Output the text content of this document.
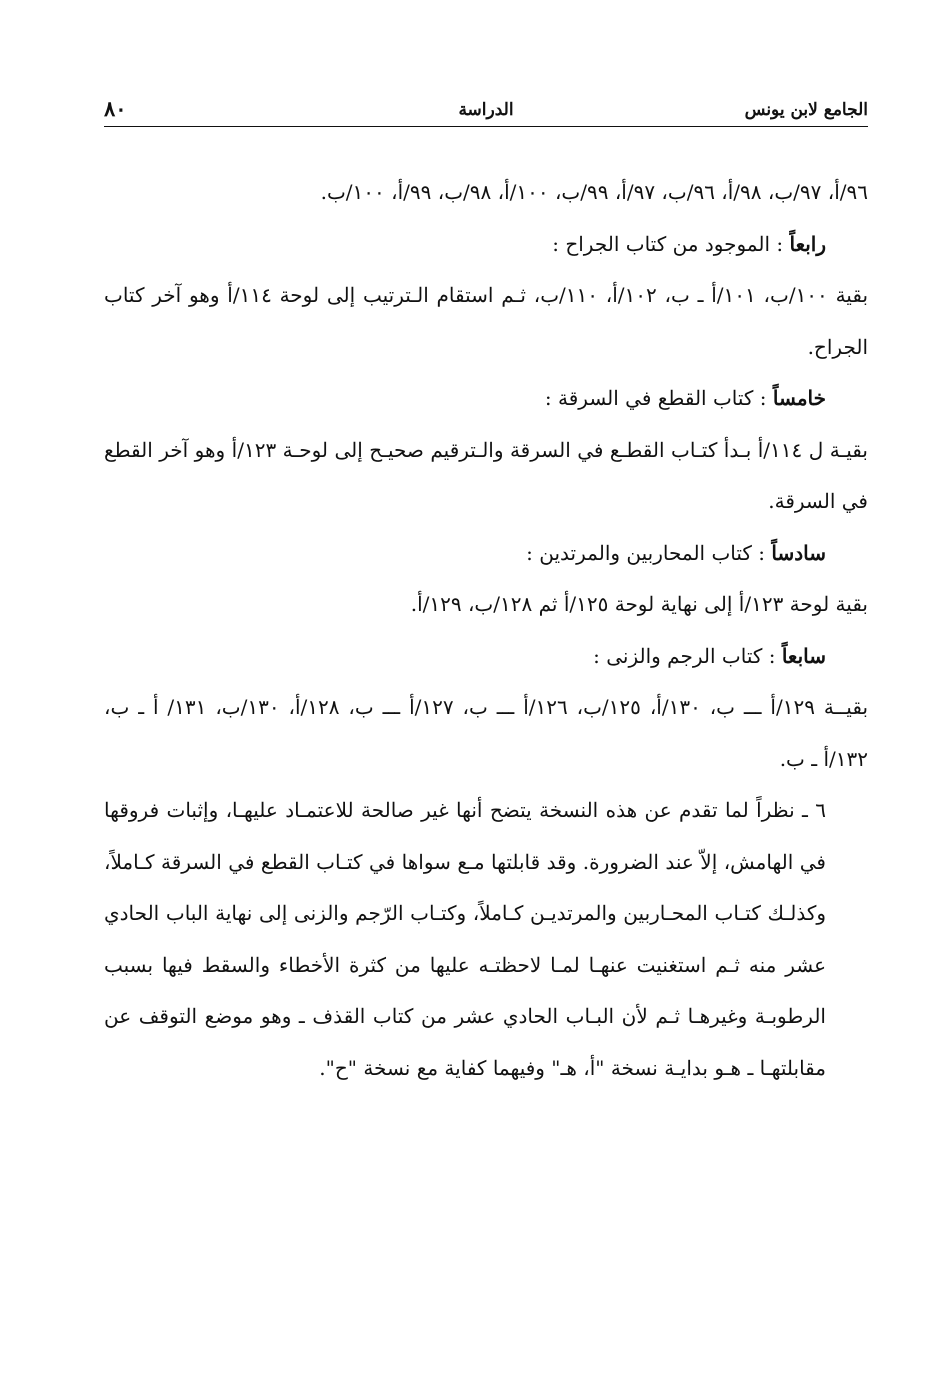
الجامع لابن يونس
الدراسة
٨٠

٩٦/أ، ٩٧/ب، ٩٨/أ، ٩٦/ب، ٩٧/أ، ٩٩/ب، ١٠٠/أ، ٩٨/ب، ٩٩/أ، ١٠٠/ب.

رابعاً : الموجود من كتاب الجراح :

بقية ١٠٠/ب، ١٠١/أ ـ ب، ١٠٢/أ، ١١٠/ب، ثـم استقام الـترتيب إلى لوحة ١١٤/أ وهو آخر كتاب الجراح.

خامساً : كتاب القطع في السرقة :

بقيـة ل ١١٤/أ بـدأ كتـاب القطـع في السرقة والـترقيم صحيـح إلى لوحـة ١٢٣/أ وهو آخر القطع في السرقة.

سادساً : كتاب المحاربين والمرتدين :

بقية لوحة ١٢٣/أ إلى نهاية لوحة ١٢٥/أ ثم ١٢٨/ب، ١٢٩/أ.

سابعاً : كتاب الرجم والزنى :

بقيــة ١٢٩/أ ـــ ب، ١٣٠/أ، ١٢٥/ب، ١٢٦/أ ـــ ب، ١٢٧/أ ـــ ب، ١٢٨/أ، ١٣٠/ب، ١٣١/ أ ـ ب، ١٣٢/أ ـ ب.

٦ ـ نظراً لما تقدم عن هذه النسخة يتضح أنها غير صالحة للاعتمـاد عليهـا، وإثبات فروقها في الهامش، إلاّ عند الضرورة. وقد قابلتها مـع سواها في كتـاب القطع في السرقة كـاملاً، وكذلـك كتـاب المحـاربين والمرتديـن كـاملاً، وكتـاب الرّجم والزنى إلى نهاية الباب الحادي عشر منه ثـم استغنيت عنهـا لمـا لاحظتـه عليها من كثرة الأخطاء والسقط فيها بسبب الرطوبـة وغيرهـا ثـم لأن البـاب الحادي عشر من كتاب القذف ـ وهو موضع التوقف عن مقابلتهـا ـ هـو بدايـة نسخة "أ، هـ" وفيهما كفاية مع نسخة "ح".
